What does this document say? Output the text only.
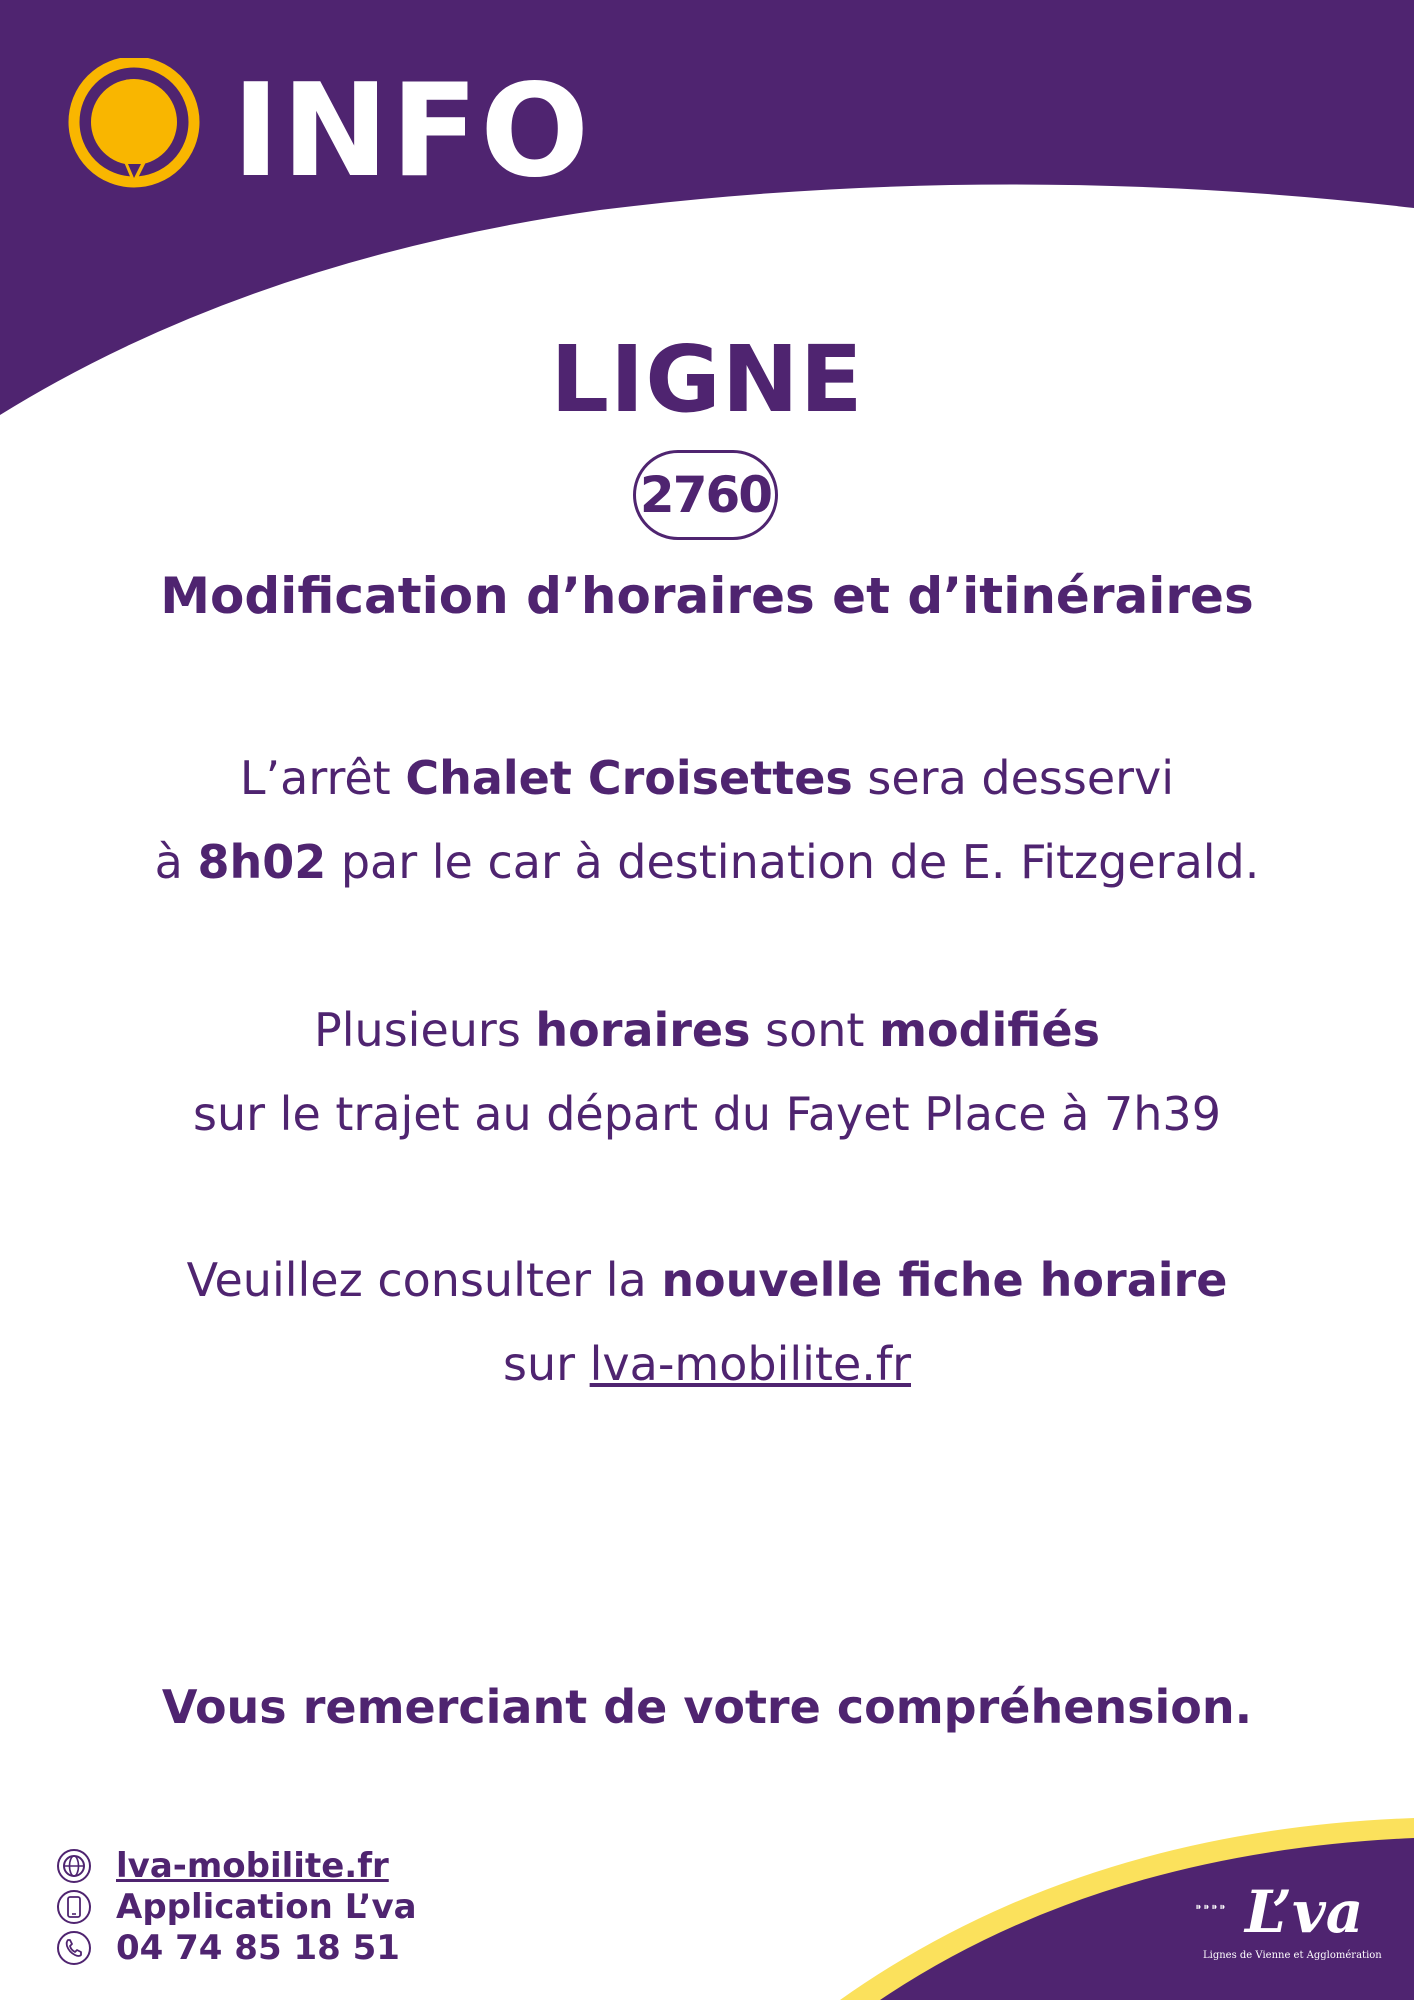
INFO
LIGNE
2760
Modification d’horaires et d’itinéraires
L’arrêt Chalet Croisettes sera desservi
à 8h02 par le car à destination de E. Fitzgerald.
Plusieurs horaires sont modifiés
sur le trajet au départ du Fayet Place à 7h39
Veuillez consulter la nouvelle fiche horaire
sur lva-mobilite.fr
Vous remerciant de votre compréhension.
lva-mobilite.fr
Application L’va
04 74 85 18 51
⁍⁍⁍⁍ L’va
Lignes de Vienne et Agglomération
